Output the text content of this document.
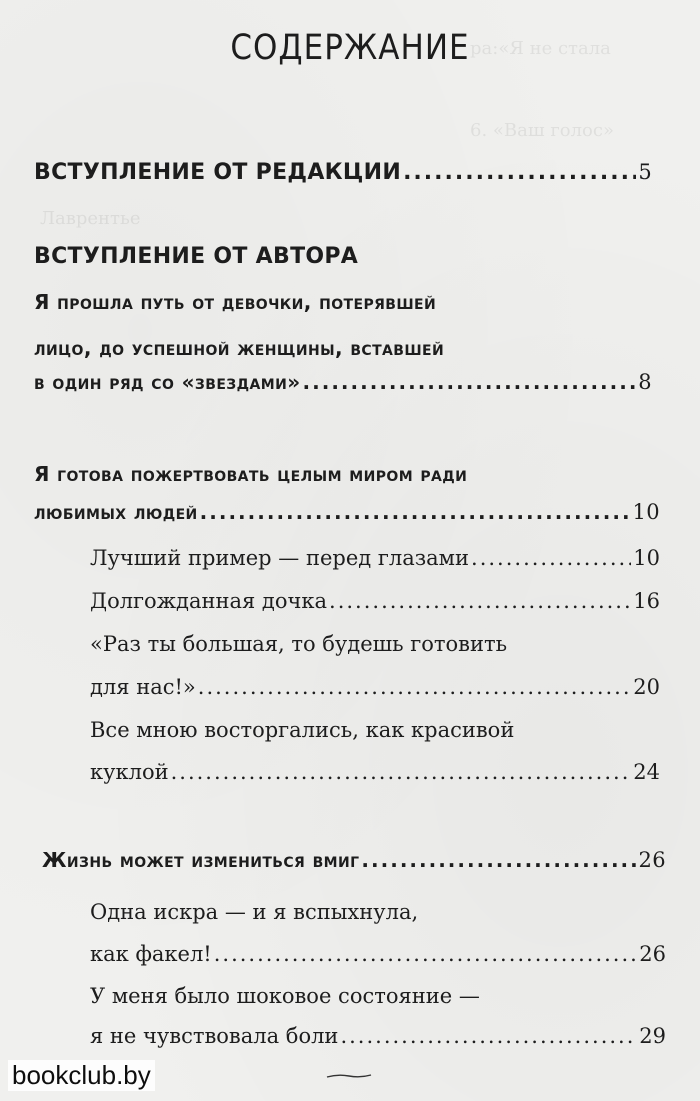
ра:«Я не стала
6. «Ваш голос»
Лаврентье
СОДЕРЖАНИЕ
ВСТУПЛЕНИЕ ОТ РЕДАКЦИИ .....	5
ВСТУПЛЕНИЕ ОТ АВТОРА
Я прошла путь от девочки, потерявшей
лицо, до успешной женщины, вставшей
в один ряд со «звездами» .....	8
Я готова пожертвовать целым миром ради
любимых людей .....	10
Лучший пример — перед глазами .....	10
Долгожданная дочка .....	16
«Раз ты большая, то будешь готовить
для нас!» .....	20
Все мною восторгались, как красивой
куклой .....	24
Жизнь может измениться вмиг .....	26
Одна искра — и я вспыхнула,
как факел! .....	26
У меня было шоковое состояние —
я не чувствовала боли .....	29
bookclub.by
